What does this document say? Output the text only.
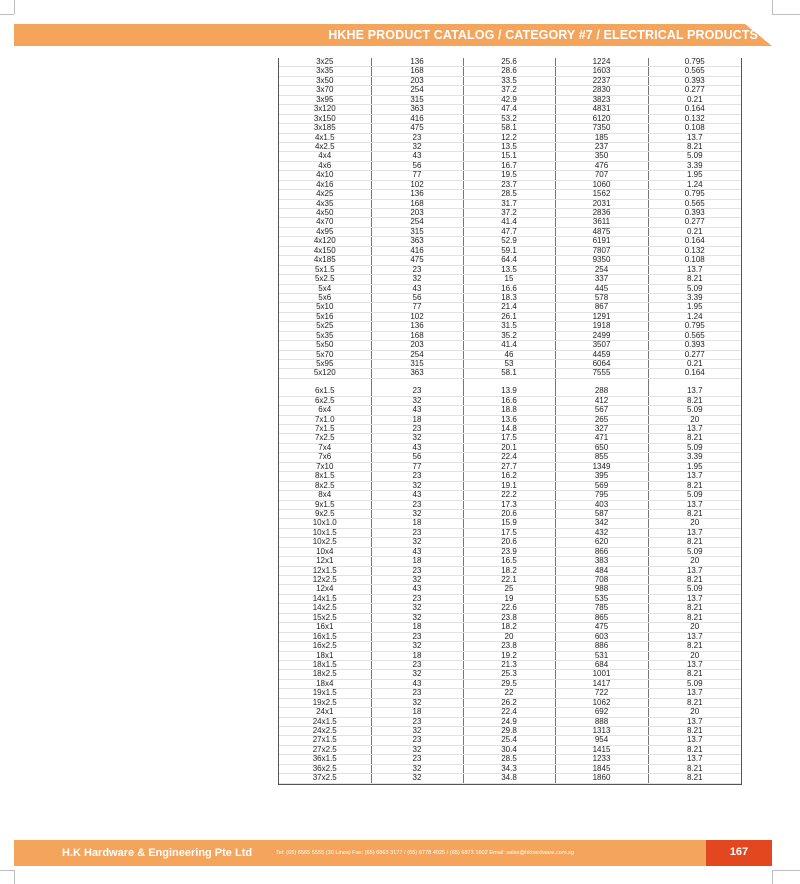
HKHE PRODUCT CATALOG / CATEGORY #7 / ELECTRICAL PRODUCTS
3x25	136	25.6	1224	0.795
3x35	168	28.6	1603	0.565
3x50	203	33.5	2237	0.393
3x70	254	37.2	2830	0.277
3x95	315	42.9	3823	0.21
3x120	363	47.4	4831	0.164
3x150	416	53.2	6120	0.132
3x185	475	58.1	7350	0.108
4x1.5	23	12.2	185	13.7
4x2.5	32	13.5	237	8.21
4x4	43	15.1	350	5.09
4x6	56	16.7	476	3.39
4x10	77	19.5	707	1.95
4x16	102	23.7	1060	1.24
4x25	136	28.5	1562	0.795
4x35	168	31.7	2031	0.565
4x50	203	37.2	2836	0.393
4x70	254	41.4	3611	0.277
4x95	315	47.7	4875	0.21
4x120	363	52.9	6191	0.164
4x150	416	59.1	7807	0.132
4x185	475	64.4	9350	0.108
5x1.5	23	13.5	254	13.7
5x2.5	32	15	337	8.21
5x4	43	16.6	445	5.09
5x6	56	18.3	578	3.39
5x10	77	21.4	867	1.95
5x16	102	26.1	1291	1.24
5x25	136	31.5	1918	0.795
5x35	168	35.2	2499	0.565
5x50	203	41.4	3507	0.393
5x70	254	46	4459	0.277
5x95	315	53	6064	0.21
5x120	363	58.1	7555	0.164

6x1.5	23	13.9	288	13.7
6x2.5	32	16.6	412	8.21
6x4	43	18.8	567	5.09
7x1.0	18	13.6	265	20
7x1.5	23	14.8	327	13.7
7x2.5	32	17.5	471	8.21
7x4	43	20.1	650	5.09
7x6	56	22.4	855	3.39
7x10	77	27.7	1349	1.95
8x1.5	23	16.2	395	13.7
8x2.5	32	19.1	569	8.21
8x4	43	22.2	795	5.09
9x1.5	23	17.3	403	13.7
9x2.5	32	20.6	587	8.21
10x1.0	18	15.9	342	20
10x1.5	23	17.5	432	13.7
10x2.5	32	20.6	620	8.21
10x4	43	23.9	866	5.09
12x1	18	16.5	383	20
12x1.5	23	18.2	484	13.7
12x2.5	32	22.1	708	8.21
12x4	43	25	988	5.09
14x1.5	23	19	535	13.7
14x2.5	32	22.6	785	8.21
15x2.5	32	23.8	865	8.21
16x1	18	18.2	475	20
16x1.5	23	20	603	13.7
16x2.5	32	23.8	886	8.21
18x1	18	19.2	531	20
18x1.5	23	21.3	684	13.7
18x2.5	32	25.3	1001	8.21
18x4	43	29.5	1417	5.09
19x1.5	23	22	722	13.7
19x2.5	32	26.2	1062	8.21
24x1	18	22.4	692	20
24x1.5	23	24.9	888	13.7
24x2.5	32	29.8	1313	8.21
27x1.5	23	25.4	954	13.7
27x2.5	32	30.4	1415	8.21
36x1.5	23	28.5	1233	13.7
36x2.5	32	34.3	1845	8.21
37x2.5	32	34.8	1860	8.21
H.K Hardware & Engineering Pte Ltd	Tel: (65) 6565 5555 (30 Lines) Fax: (65) 6863 3177 / (65) 6778 4025 / (65) 6873 1602 Email: sales@hkhardware.com.sg	167
